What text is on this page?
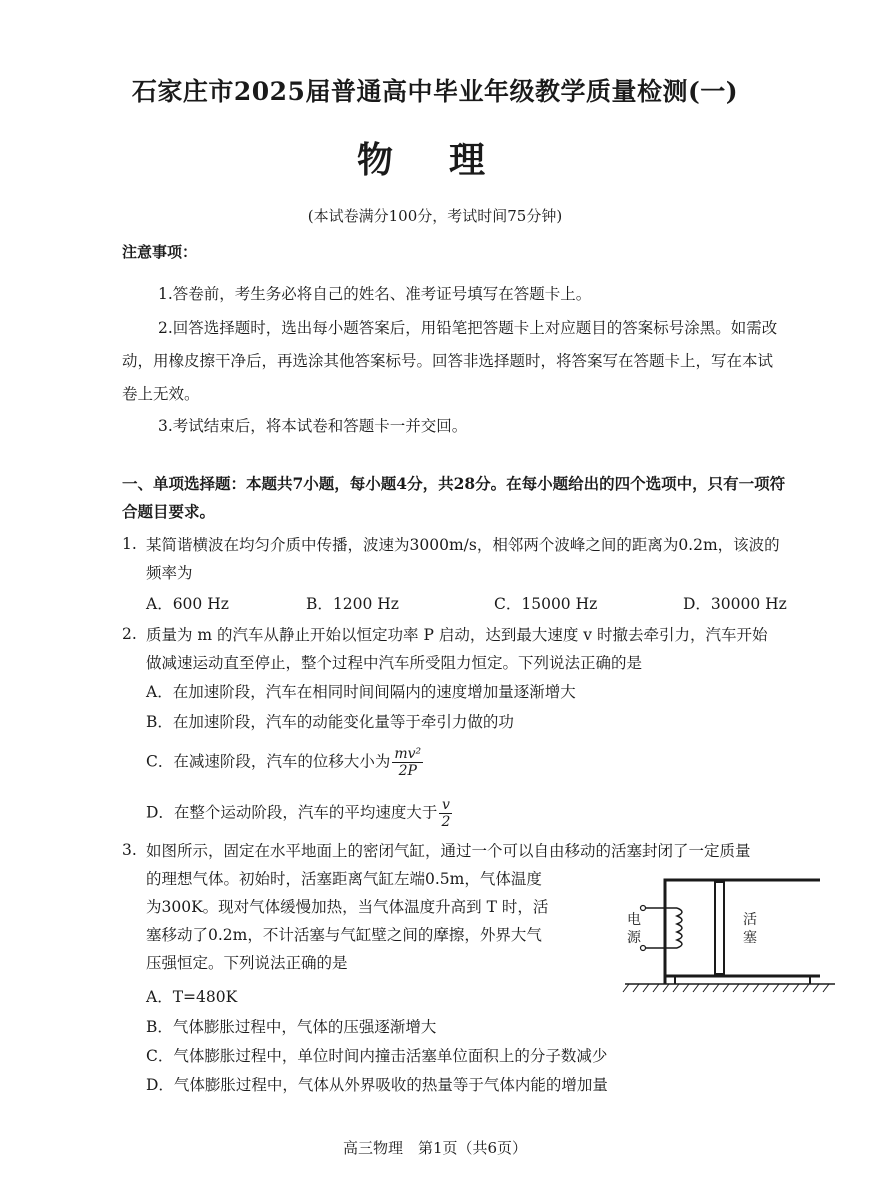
石家庄市2025届普通高中毕业年级教学质量检测(一)
物理
(本试卷满分100分，考试时间75分钟)
注意事项：
1.答卷前，考生务必将自己的姓名、准考证号填写在答题卡上。
2.回答选择题时，选出每小题答案后，用铅笔把答题卡上对应题目的答案标号涂黑。如需改
动，用橡皮擦干净后，再选涂其他答案标号。回答非选择题时，将答案写在答题卡上，写在本试
卷上无效。
3.考试结束后，将本试卷和答题卡一并交回。
一、单项选择题：本题共7小题，每小题4分，共28分。在每小题给出的四个选项中，只有一项符
合题目要求。
1. 某简谐横波在均匀介质中传播，波速为3000m/s，相邻两个波峰之间的距离为0.2m，该波的
频率为
A．600 Hz	B．1200 Hz	C．15000 Hz	D．30000 Hz
2. 质量为 m 的汽车从静止开始以恒定功率 P 启动，达到最大速度 v 时撤去牵引力，汽车开始
做减速运动直至停止，整个过程中汽车所受阻力恒定。下列说法正确的是
A．在加速阶段，汽车在相同时间间隔内的速度增加量逐渐增大
B．在加速阶段，汽车的动能变化量等于牵引力做的功
C．在减速阶段，汽车的位移大小为 $\frac{\text{mv²}}{2P}$
D．在整个运动阶段，汽车的平均速度大于 $\frac{v}{2}$
3. 如图所示，固定在水平地面上的密闭气缸，通过一个可以自由移动的活塞封闭了一定质量
的理想气体。初始时，活塞距离气缸左端0.5m，气体温度
为300K。现对气体缓慢加热，当气体温度升高到 T 时，活
塞移动了0.2m，不计活塞与气缸壁之间的摩擦，外界大气
压强恒定。下列说法正确的是
A．T=480K
B．气体膨胀过程中，气体的压强逐渐增大
C．气体膨胀过程中，单位时间内撞击活塞单位面积上的分子数减少
D．气体膨胀过程中，气体从外界吸收的热量等于气体内能的增加量
电
源
活
塞
高三物理　第1页（共6页）
